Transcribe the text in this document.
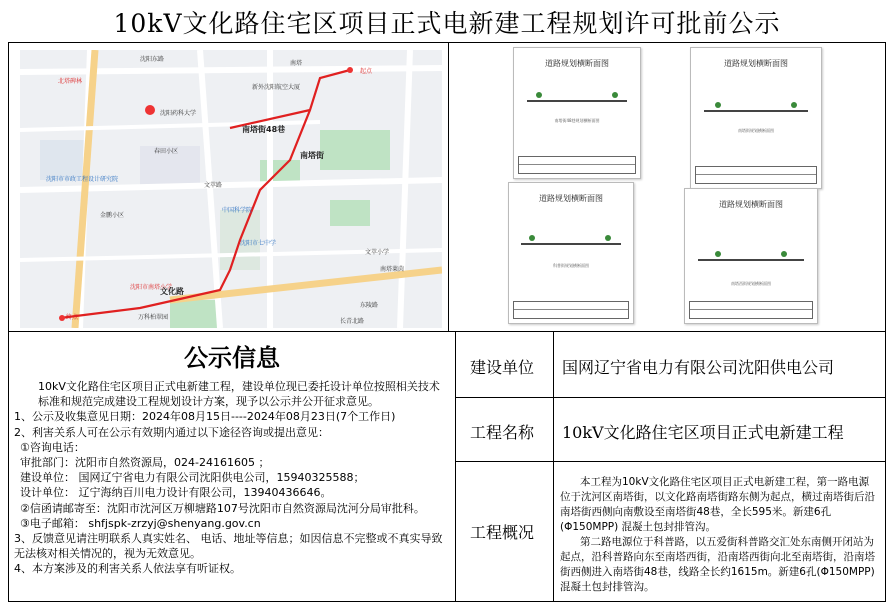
10kV文化路住宅区项目正式电新建工程规划许可批前公示
北塔碑林
沈阳东路
南塔
新外沈阳航空大厦
起点
沈阳药科大学
南塔街48巷
南塔街
春田小区
沈阳市市政工程设计研究院
文萃路
金鹏小区
中国科学院
沈阳市七中学
文萃小学
沈阳市南塔小学
南塔莱茵
终点
文化路
万科柏翠园
东陵路
长青北路
道路规划横断面图
南塔街48巷规划横断面图
道路规划横断面图
南塔街规划横断面图
道路规划横断面图
科普街规划横断面图
道路规划横断面图
南塔西街规划横断面图
公示信息

10kV文化路住宅区项目正式电新建工程，建设单位现已委托设计单位按照相关技术标准和规范完成建设工程规划设计方案，现予以公示并公开征求意见。

1、公示及收集意见日期：2024年08月15日----2024年08月23日(7个工作日)

2、利害关系人可在公示有效期内通过以下途径咨询或提出意见：

①咨询电话：

审批部门：沈阳市自然资源局，024-24161605 ；

建设单位： 国网辽宁省电力有限公司沈阳供电公司，15940325588；

设计单位： 辽宁海纳百川电力设计有限公司，13940436646。

②信函请邮寄至：沈阳市沈河区万柳塘路107号沈阳市自然资源局沈河分局审批科。

③电子邮箱： shfjspk-zrzyj@shenyang.gov.cn

3、反馈意见请注明联系人真实姓名、 电话、地址等信息；如因信息不完整或不真实导致无法核对相关情况的，视为无效意见。

4、本方案涉及的利害关系人依法享有听证权。

建设单位 国网辽宁省电力有限公司沈阳供电公司
工程名称 10kV文化路住宅区项目正式电新建工程
工程概况

本工程为10kV文化路住宅区项目正式电新建工程，第一路电源位于沈河区南塔街，以文化路南塔街路东侧为起点，横过南塔街后沿南塔街西侧向南敷设至南塔街48巷，全长595米。新建6孔(Φ150MPP) 混凝土包封排管沟。

第二路电源位于科普路，以五爱街科普路交汇处东南侧开闭站为起点，沿科普路向东至南塔西街，沿南塔西街向北至南塔街，沿南塔街西侧进入南塔街48巷，线路全长约1615m。新建6孔(Φ150MPP) 混凝土包封排管沟。
